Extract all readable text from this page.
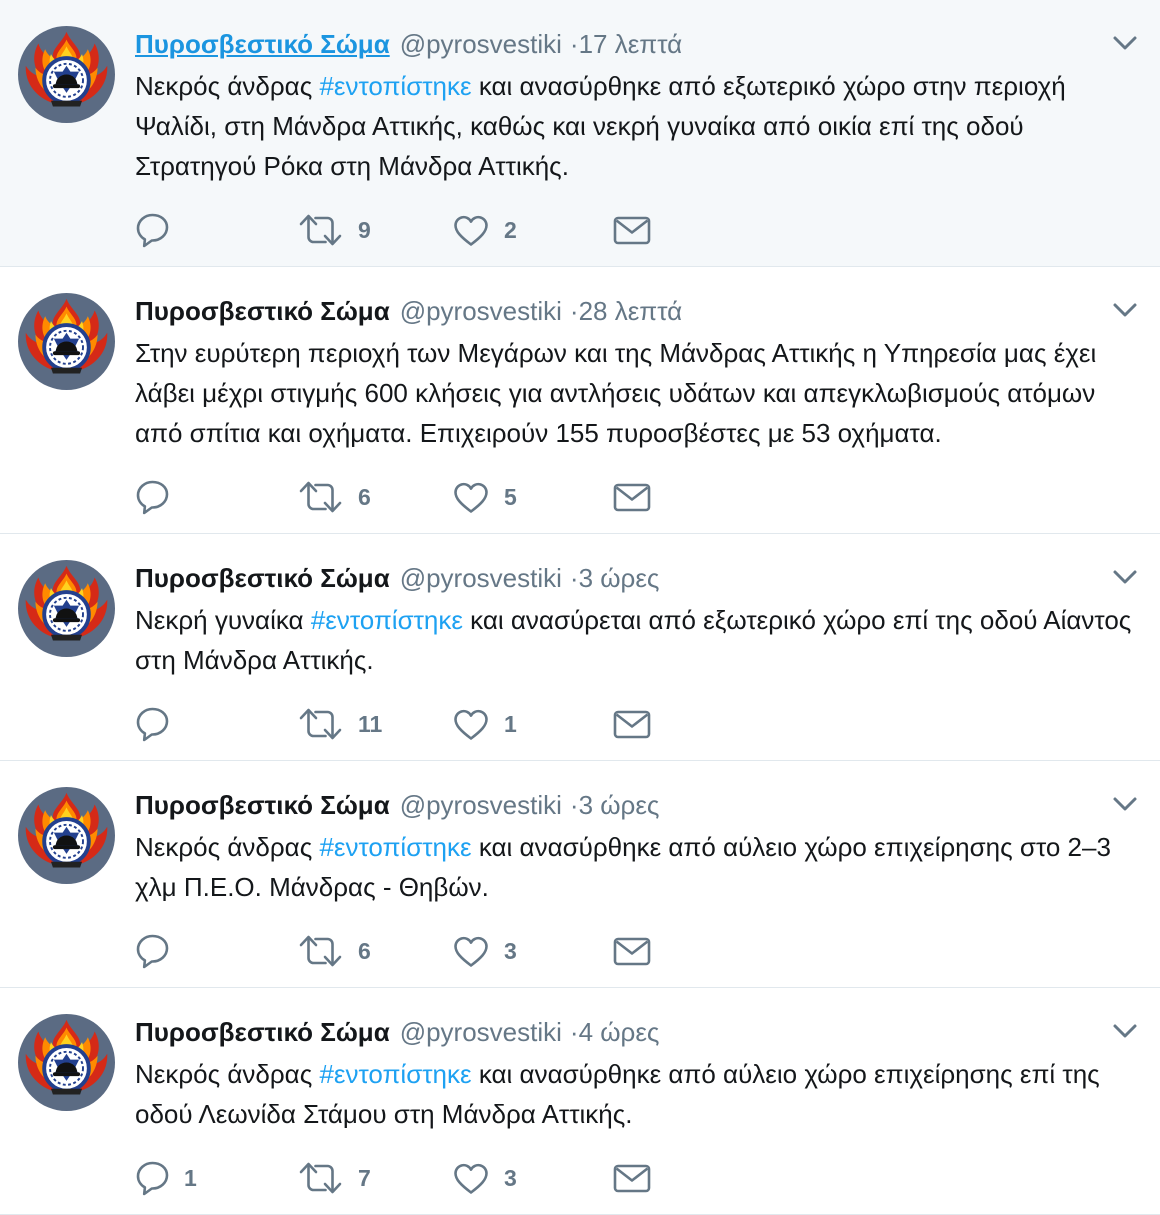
Πυροσβεστικό Σώμα @pyrosvestiki ·17 λεπτά

Νεκρός άνδρας #εντοπίστηκε και ανασύρθηκε από εξωτερικό χώρο στην περιοχή Ψαλίδι, στη Μάνδρα Αττικής, καθώς και νεκρή γυναίκα από οικία επί της οδού Στρατηγού Ρόκα στη Μάνδρα Αττικής.

9	2
Πυροσβεστικό Σώμα @pyrosvestiki ·28 λεπτά

Στην ευρύτερη περιοχή των Μεγάρων και της Μάνδρας Αττικής η Υπηρεσία μας έχει λάβει μέχρι στιγμής 600 κλήσεις για αντλήσεις υδάτων και απεγκλωβισμούς ατόμων από σπίτια και οχήματα. Επιχειρούν 155 πυροσβέστες με 53 οχήματα.

6	5
Πυροσβεστικό Σώμα @pyrosvestiki ·3 ώρες

Νεκρή γυναίκα #εντοπίστηκε και ανασύρεται από εξωτερικό χώρο επί της οδού Αίαντος στη Μάνδρα Αττικής.

11	1
Πυροσβεστικό Σώμα @pyrosvestiki ·3 ώρες

Νεκρός άνδρας #εντοπίστηκε και ανασύρθηκε από αύλειο χώρο επιχείρησης στο 2–3 χλμ Π.Ε.Ο. Μάνδρας - Θηβών.

6	3
Πυροσβεστικό Σώμα @pyrosvestiki ·4 ώρες

Νεκρός άνδρας #εντοπίστηκε και ανασύρθηκε από αύλειο χώρο επιχείρησης επί της οδού Λεωνίδα Στάμου στη Μάνδρα Αττικής.

1	7	3
